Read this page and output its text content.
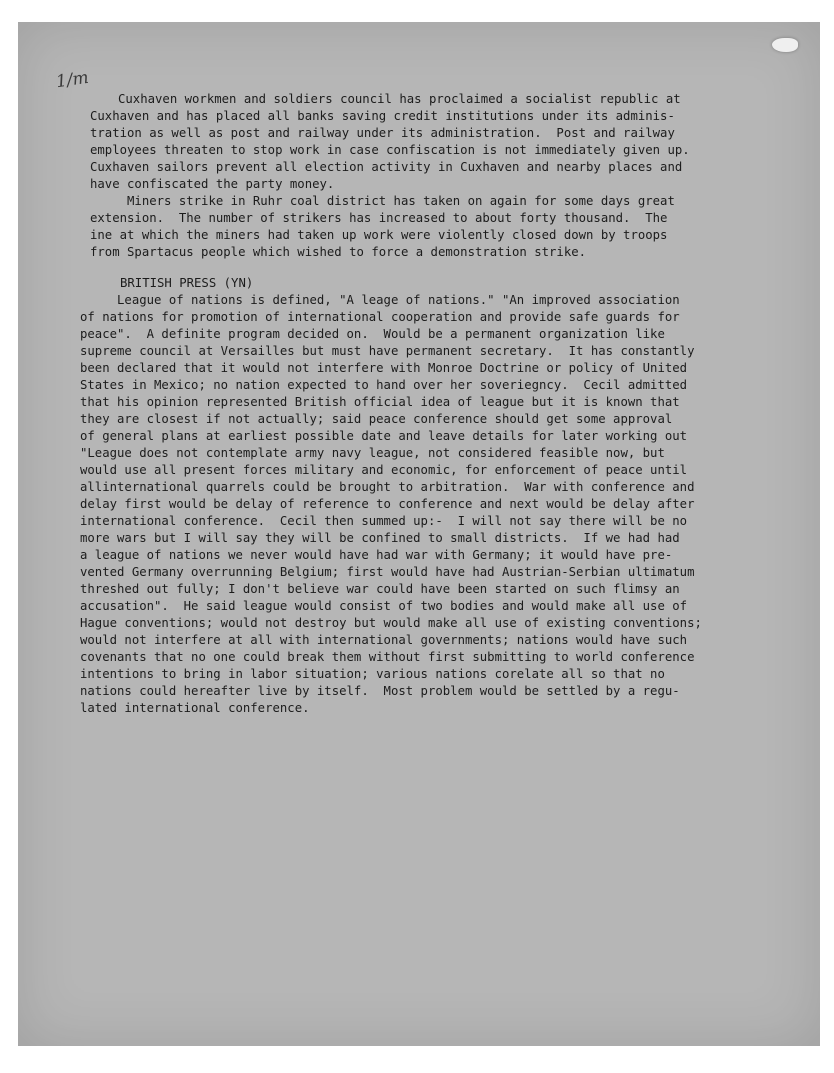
1/m
Cuxhaven workmen and soldiers council has proclaimed a socialist republic at
Cuxhaven and has placed all banks saving credit institutions under its adminis-
tration as well as post and railway under its administration.  Post and railway
employees threaten to stop work in case confiscation is not immediately given up.
Cuxhaven sailors prevent all election activity in Cuxhaven and nearby places and
have confiscated the party money.
Miners strike in Ruhr coal district has taken on again for some days great
extension.  The number of strikers has increased to about forty thousand.  The
ine at which the miners had taken up work were violently closed down by troops
from Spartacus people which wished to force a demonstration strike.
BRITISH PRESS (YN)
League of nations is defined, "A leage of nations." "An improved association
of nations for promotion of international cooperation and provide safe guards for
peace".  A definite program decided on.  Would be a permanent organization like
supreme council at Versailles but must have permanent secretary.  It has constantly
been declared that it would not interfere with Monroe Doctrine or policy of United
States in Mexico; no nation expected to hand over her soveriegncy.  Cecil admitted
that his opinion represented British official idea of league but it is known that
they are closest if not actually; said peace conference should get some approval
of general plans at earliest possible date and leave details for later working out
"League does not contemplate army navy league, not considered feasible now, but
would use all present forces military and economic, for enforcement of peace until
allinternational quarrels could be brought to arbitration.  War with conference and
delay first would be delay of reference to conference and next would be delay after
international conference.  Cecil then summed up:-  I will not say there will be no
more wars but I will say they will be confined to small districts.  If we had had
a league of nations we never would have had war with Germany; it would have pre-
vented Germany overrunning Belgium; first would have had Austrian-Serbian ultimatum
threshed out fully; I don't believe war could have been started on such flimsy an
accusation".  He said league would consist of two bodies and would make all use of
Hague conventions; would not destroy but would make all use of existing conventions;
would not interfere at all with international governments; nations would have such
covenants that no one could break them without first submitting to world conference
intentions to bring in labor situation; various nations corelate all so that no
nations could hereafter live by itself.  Most problem would be settled by a regu-
lated international conference.
